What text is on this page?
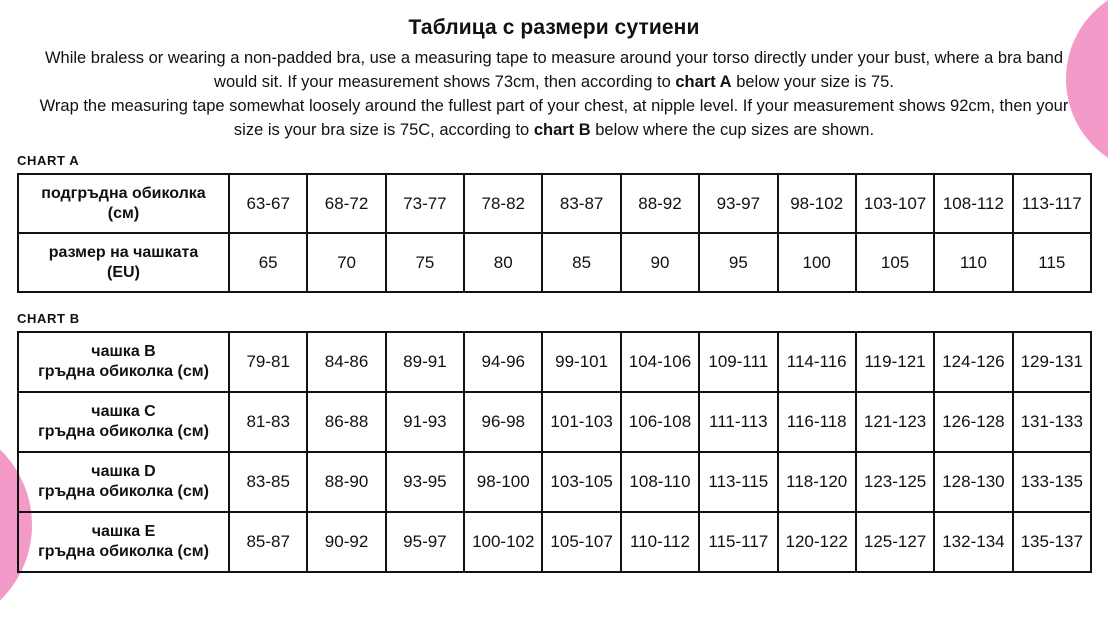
Таблица с размери сутиени

While braless or wearing a non-padded bra, use a measuring tape to measure around your torso directly under your bust, where a bra band would sit. If your measurement shows 73cm, then according to chart A below your size is 75.

Wrap the measuring tape somewhat loosely around the fullest part of your chest, at nipple level. If your measurement shows 92cm, then your size is your bra size is 75C, according to chart B below where the cup sizes are shown.

CHART A
подгръдна обиколка
(см)	63-67	68-72	73-77	78-82	83-87	88-92	93-97	98-102	103-107	108-112	113-117

размер на чашката
(EU)	65	70	75	80	85	90	95	100	105	110	115
CHART B
чашка B
гръдна обиколка (см)	79-81	84-86	89-91	94-96	99-101	104-106	109-111	114-116	119-121	124-126	129-131

чашка C
гръдна обиколка (см)	81-83	86-88	91-93	96-98	101-103	106-108	111-113	116-118	121-123	126-128	131-133

чашка D
гръдна обиколка (см)	83-85	88-90	93-95	98-100	103-105	108-110	113-115	118-120	123-125	128-130	133-135

чашка E
гръдна обиколка (см)	85-87	90-92	95-97	100-102	105-107	110-112	115-117	120-122	125-127	132-134	135-137
